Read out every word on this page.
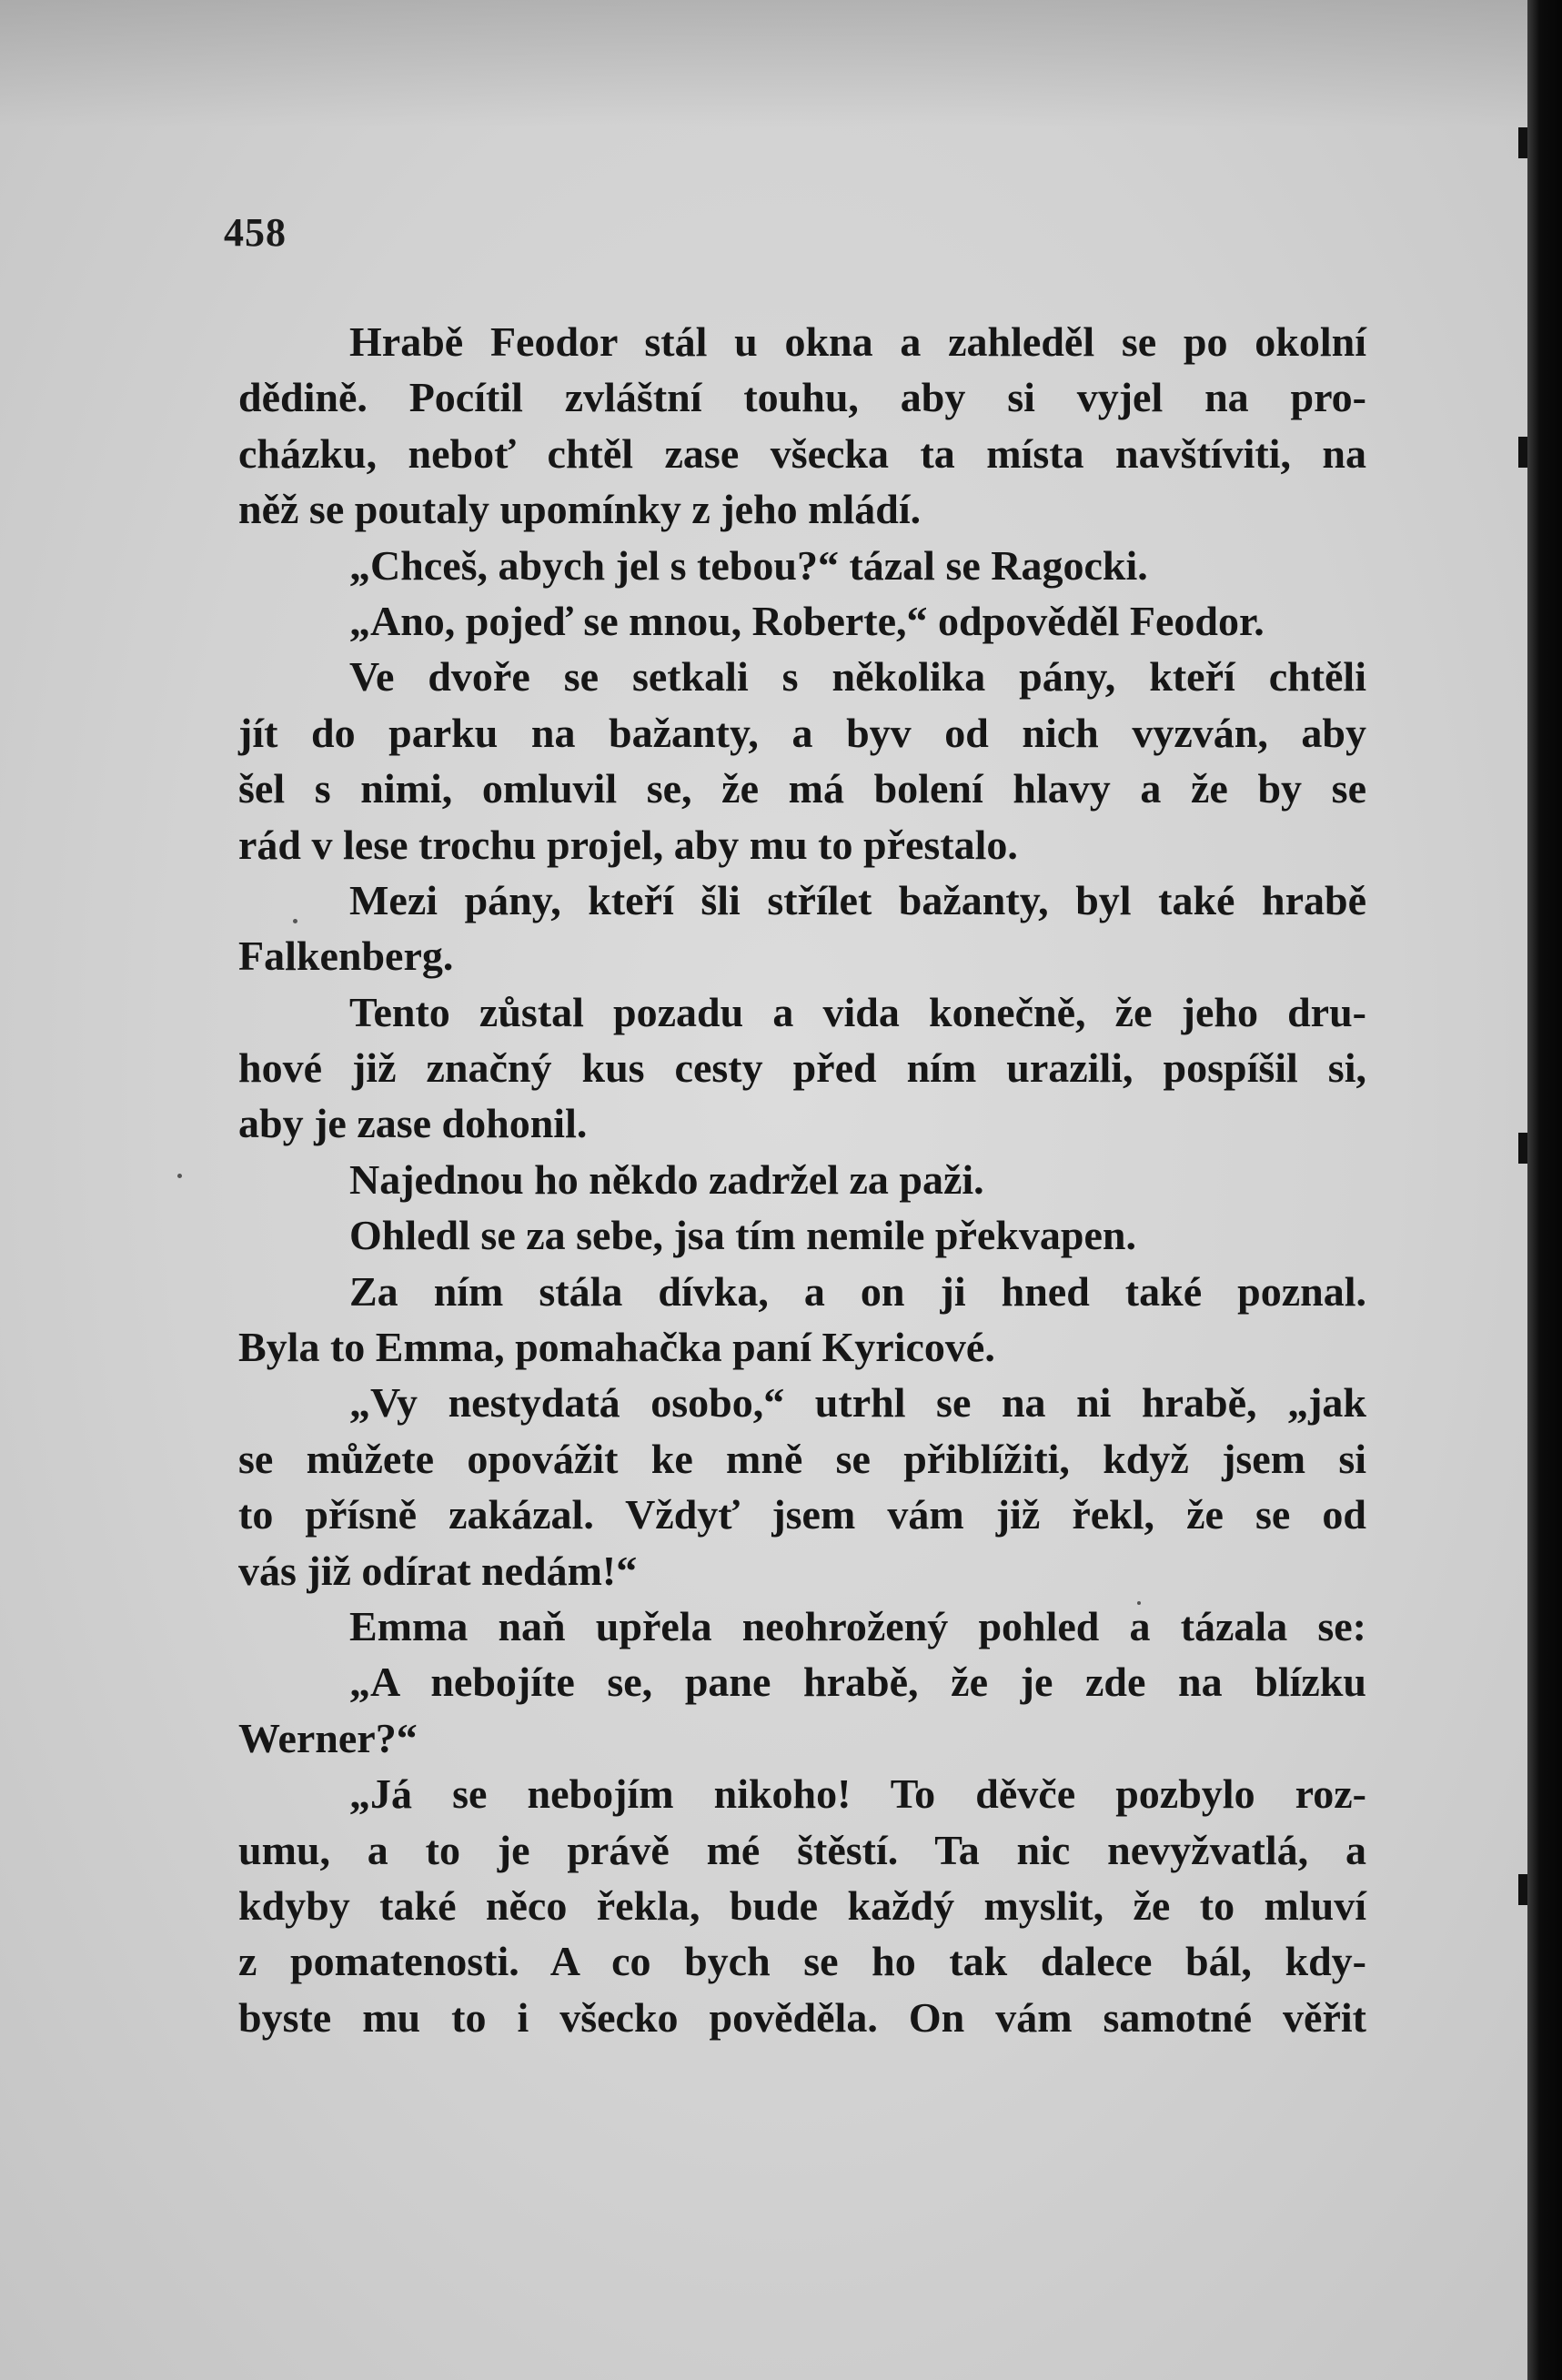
458
Hrabě Feodor stál u okna a zahleděl se po okolní
dědině. Pocítil zvláštní touhu, aby si vyjel na pro-
cházku, neboť chtěl zase všecka ta místa navštíviti, na
něž se poutaly upomínky z jeho mládí.
„Chceš, abych jel s tebou?“ tázal se Ragocki.
„Ano, pojeď se mnou, Roberte,“ odpověděl Feodor.
Ve dvoře se setkali s několika pány, kteří chtěli
jít do parku na bažanty, a byv od nich vyzván, aby
šel s nimi, omluvil se, že má bolení hlavy a že by se
rád v lese trochu projel, aby mu to přestalo.
Mezi pány, kteří šli střílet bažanty, byl také hrabě
Falkenberg.
Tento zůstal pozadu a vida konečně, že jeho dru-
hové již značný kus cesty před ním urazili, pospíšil si,
aby je zase dohonil.
Najednou ho někdo zadržel za paži.
Ohledl se za sebe, jsa tím nemile překvapen.
Za ním stála dívka, a on ji hned také poznal.
Byla to Emma, pomahačka paní Kyricové.
„Vy nestydatá osobo,“ utrhl se na ni hrabě, „jak
se můžete opovážit ke mně se přiblížiti, když jsem si
to přísně zakázal. Vždyť jsem vám již řekl, že se od
vás již odírat nedám!“
Emma naň upřela neohrožený pohled a tázala se:
„A nebojíte se, pane hrabě, že je zde na blízku
Werner?“
„Já se nebojím nikoho! To děvče pozbylo roz-
umu, a to je právě mé štěstí. Ta nic nevyžvatlá, a
kdyby také něco řekla, bude každý myslit, že to mluví
z pomatenosti. A co bych se ho tak dalece bál, kdy-
byste mu to i všecko pověděla. On vám samotné věřit
